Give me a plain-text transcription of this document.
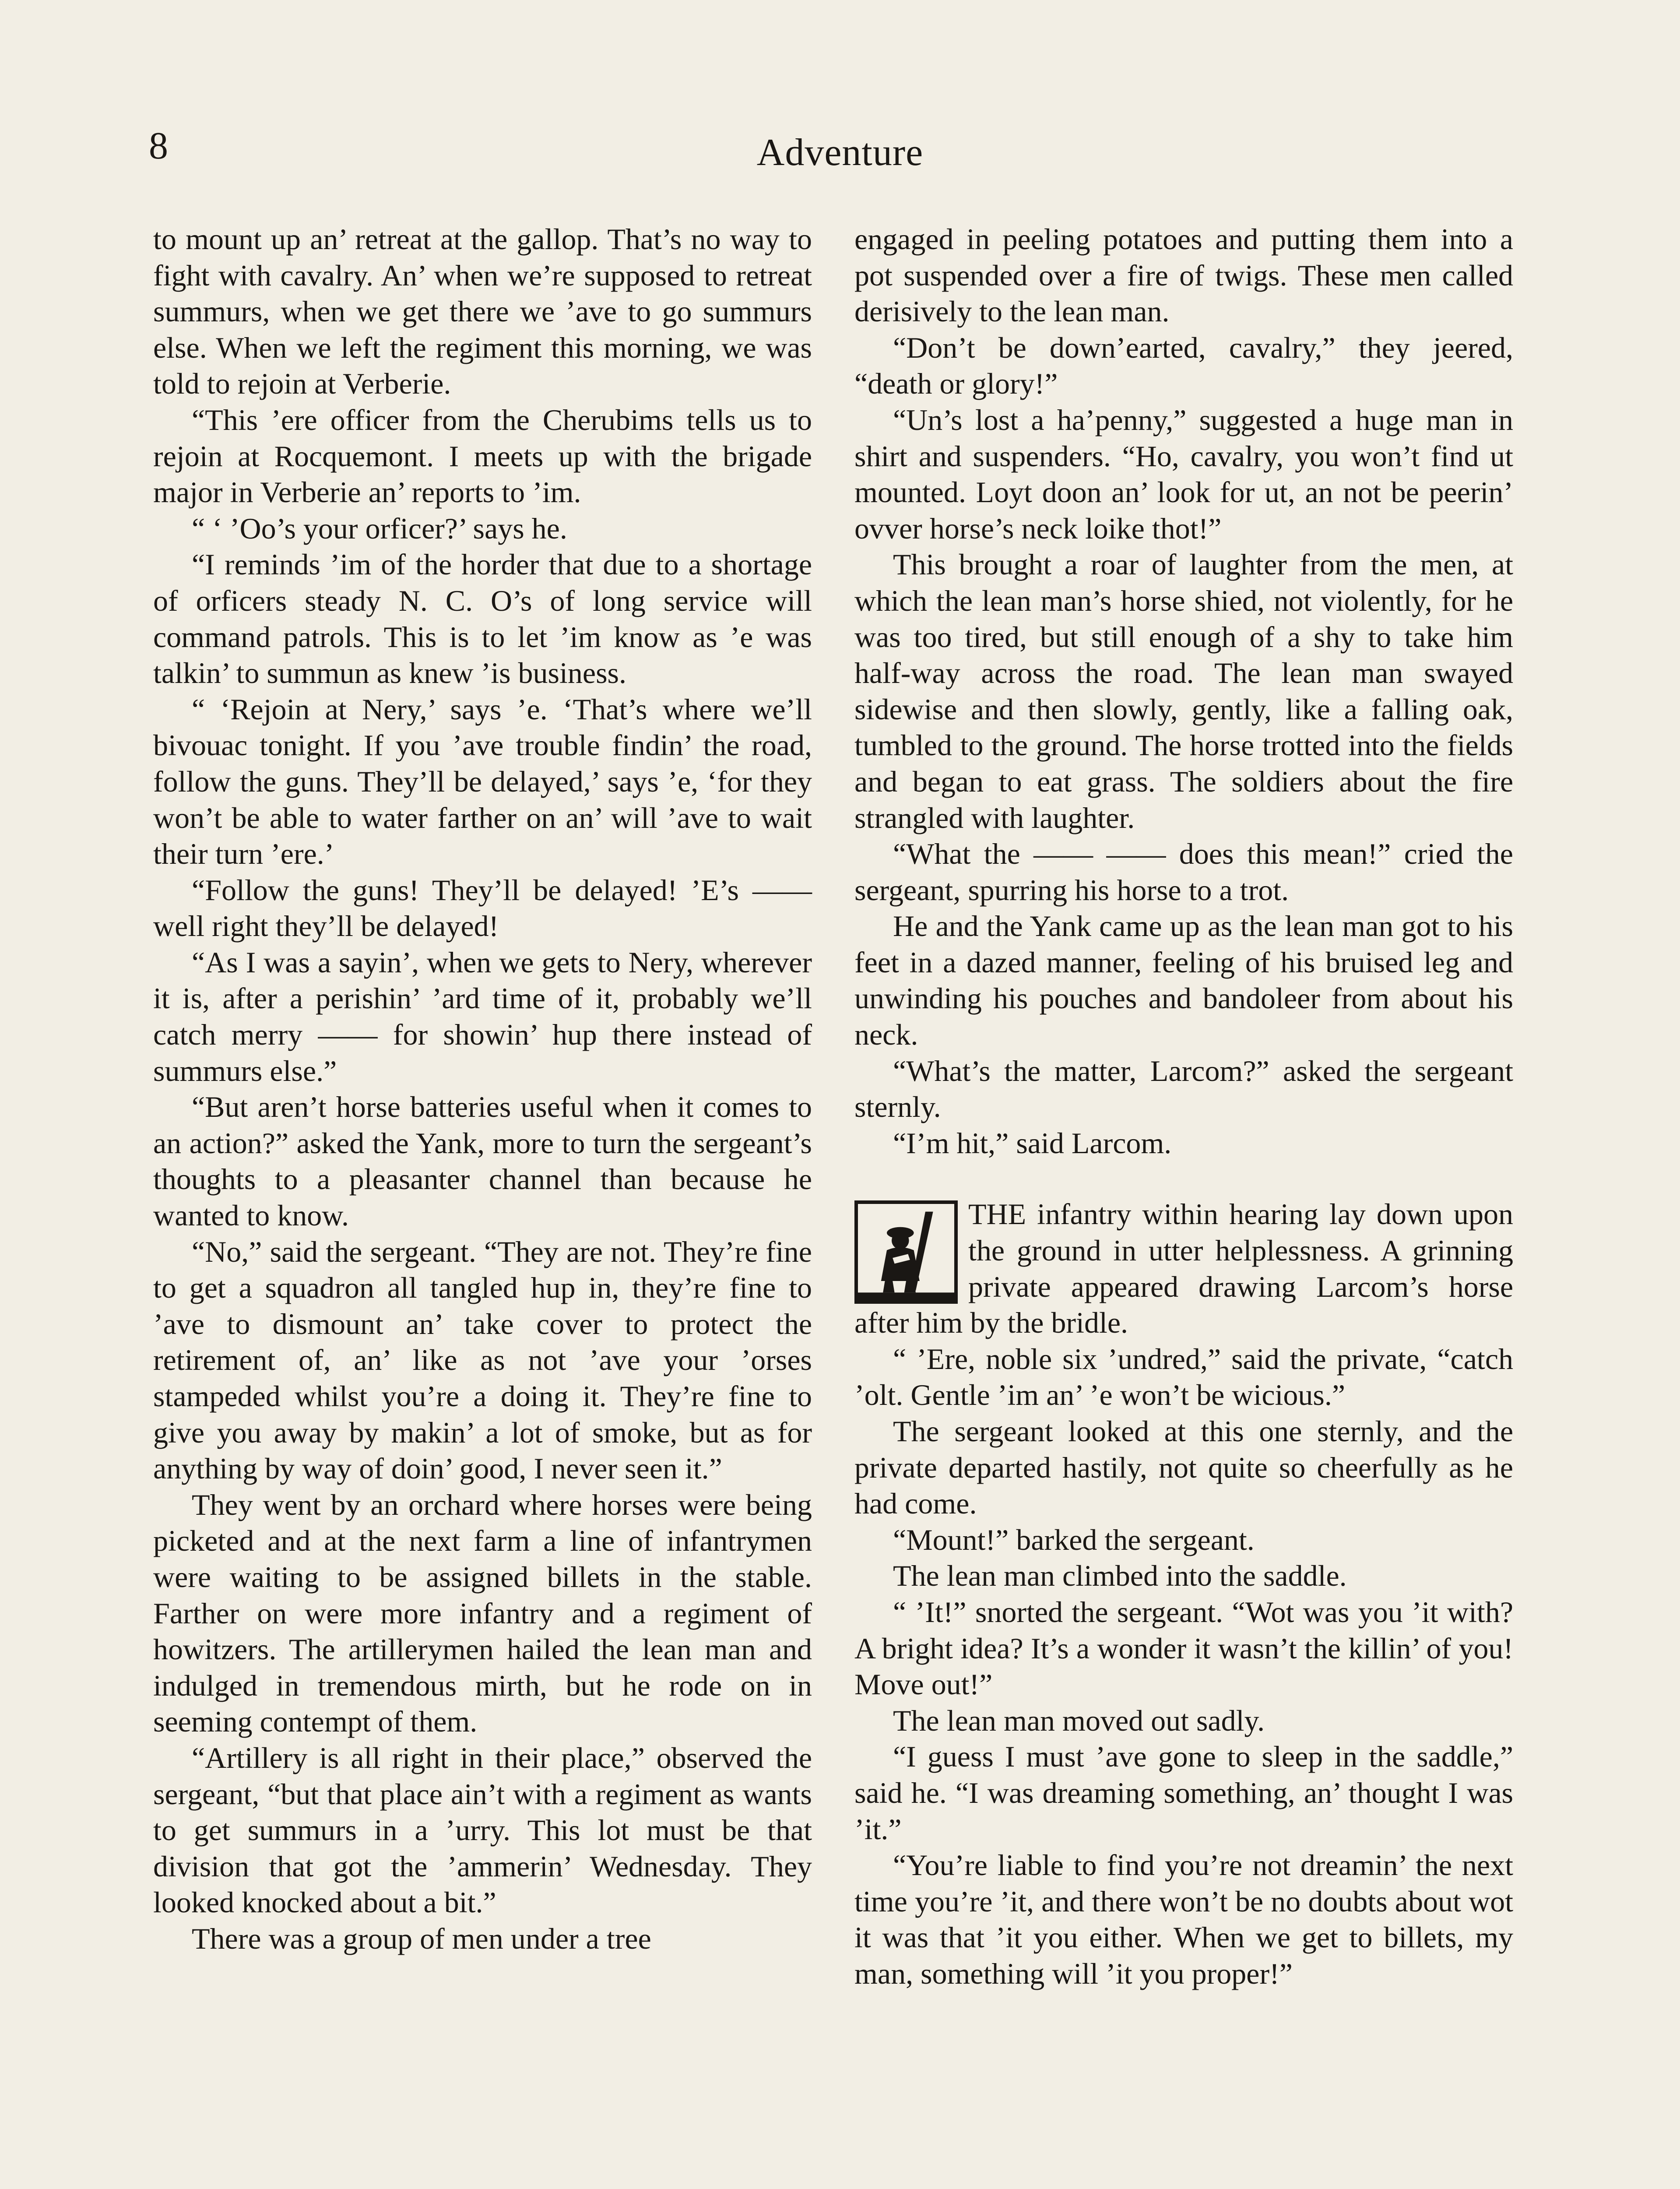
8	Adventure

to mount up an’ retreat at the gallop. That’s no way to fight with cavalry. An’ when we’re supposed to retreat summurs, when we get there we ’ave to go summurs else. When we left the regiment this morning, we was told to rejoin at Verberie.

“This ’ere officer from the Cherubims tells us to rejoin at Rocquemont. I meets up with the brigade major in Verberie an’ reports to ’im.

“ ‘ ’Oo’s your orficer?’ says he.

“I reminds ’im of the horder that due to a shortage of orficers steady N. C. O’s of long service will command patrols. This is to let ’im know as ’e was talkin’ to summun as knew ’is business.

“ ‘Rejoin at Nery,’ says ’e. ‘That’s where we’ll bivouac tonight. If you ’ave trouble findin’ the road, follow the guns. They’ll be delayed,’ says ’e, ‘for they won’t be able to water farther on an’ will ’ave to wait their turn ’ere.’

“Follow the guns! They’ll be delayed! ’E’s —— well right they’ll be delayed!

“As I was a sayin’, when we gets to Nery, wherever it is, after a perishin’ ’ard time of it, probably we’ll catch merry —— for showin’ hup there instead of summurs else.”

“But aren’t horse batteries useful when it comes to an action?” asked the Yank, more to turn the sergeant’s thoughts to a pleasanter channel than because he wanted to know.

“No,” said the sergeant. “They are not. They’re fine to get a squadron all tangled hup in, they’re fine to ’ave to dismount an’ take cover to protect the retirement of, an’ like as not ’ave your ’orses stampeded whilst you’re a doing it. They’re fine to give you away by makin’ a lot of smoke, but as for anything by way of doin’ good, I never seen it.”

They went by an orchard where horses were being picketed and at the next farm a line of infantrymen were waiting to be assigned billets in the stable. Farther on were more infantry and a regiment of howitzers. The artillerymen hailed the lean man and indulged in tremendous mirth, but he rode on in seeming contempt of them.

“Artillery is all right in their place,” observed the sergeant, “but that place ain’t with a regiment as wants to get summurs in a ’urry. This lot must be that division that got the ’ammerin’ Wednesday. They looked knocked about a bit.”

There was a group of men under a tree

engaged in peeling potatoes and putting them into a pot suspended over a fire of twigs. These men called derisively to the lean man.

“Don’t be down’earted, cavalry,” they jeered, “death or glory!”

“Un’s lost a ha’penny,” suggested a huge man in shirt and suspenders. “Ho, cavalry, you won’t find ut mounted. Loyt doon an’ look for ut, an not be peerin’ ovver horse’s neck loike thot!”

This brought a roar of laughter from the men, at which the lean man’s horse shied, not violently, for he was too tired, but still enough of a shy to take him half-way across the road. The lean man swayed sidewise and then slowly, gently, like a falling oak, tumbled to the ground. The horse trotted into the fields and began to eat grass. The soldiers about the fire strangled with laughter.

“What the —— —— does this mean!” cried the sergeant, spurring his horse to a trot.

He and the Yank came up as the lean man got to his feet in a dazed manner, feeling of his bruised leg and unwinding his pouches and bandoleer from about his neck.

“What’s the matter, Larcom?” asked the sergeant sternly.

“I’m hit,” said Larcom.

THE infantry within hearing lay down upon the ground in utter helplessness. A grinning private appeared drawing Larcom’s horse after him by the bridle.

“ ’Ere, noble six ’undred,” said the private, “catch ’olt. Gentle ’im an’ ’e won’t be wicious.”

The sergeant looked at this one sternly, and the private departed hastily, not quite so cheerfully as he had come.

“Mount!” barked the sergeant.

The lean man climbed into the saddle.

“ ’It!” snorted the sergeant. “Wot was you ’it with? A bright idea? It’s a wonder it wasn’t the killin’ of you! Move out!”

The lean man moved out sadly.

“I guess I must ’ave gone to sleep in the saddle,” said he. “I was dreaming something, an’ thought I was ’it.”

“You’re liable to find you’re not dreamin’ the next time you’re ’it, and there won’t be no doubts about wot it was that ’it you either. When we get to billets, my man, something will ’it you proper!”
